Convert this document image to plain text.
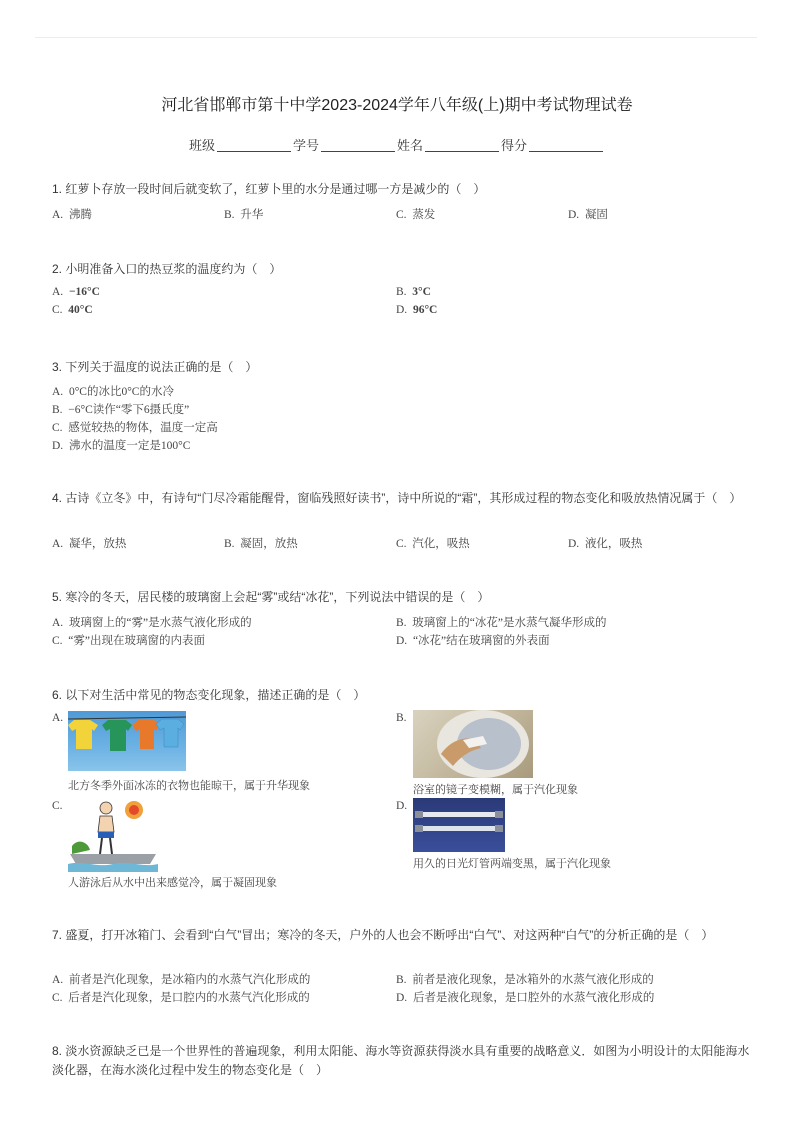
河北省邯郸市第十中学2023-2024学年八年级(上)期中考试物理试卷
班级	学号	姓名	得分
1. 红萝卜存放一段时间后就变软了，红萝卜里的水分是通过哪一方是减少的（　）
A. 沸腾	B. 升华	C. 蒸发	D. 凝固
2. 小明准备入口的热豆浆的温度约为（　）
A. −16°C	B. 3°C
C. 40°C	D. 96°C
3. 下列关于温度的说法正确的是（　）
A. 0°C的冰比0°C的水冷
B. −6°C读作“零下6摄氏度”
C. 感觉较热的物体，温度一定高
D. 沸水的温度一定是100°C
4. 古诗《立冬》中，有诗句“门尽冷霜能醒骨，窗临残照好读书”，诗中所说的“霜”，其形成过程的物态变化和吸放热情况属于（　）
A. 凝华，放热	B. 凝固，放热	C. 汽化，吸热	D. 液化，吸热
5. 寒冷的冬天，居民楼的玻璃窗上会起“雾”或结“冰花”，下列说法中错误的是（　）
A. 玻璃窗上的“雾”是水蒸气液化形成的	B. 玻璃窗上的“冰花”是水蒸气凝华形成的
C. “雾”出现在玻璃窗的内表面	D. “冰花”结在玻璃窗的外表面
6. 以下对生活中常见的物态变化现象，描述正确的是（　）
A.
北方冬季外面冰冻的衣物也能晾干，属于升华现象
B.
浴室的镜子变模糊，属于汽化现象
C.
人游泳后从水中出来感觉冷，属于凝固现象
D.
用久的日光灯管两端变黑，属于汽化现象
7. 盛夏，打开冰箱门、会看到“白气”冒出；寒冷的冬天，户外的人也会不断呼出“白气”、对这两种“白气”的分析正确的是（　）
A. 前者是汽化现象，是冰箱内的水蒸气汽化形成的	B. 前者是液化现象，是冰箱外的水蒸气液化形成的
C. 后者是汽化现象，是口腔内的水蒸气汽化形成的	D. 后者是液化现象，是口腔外的水蒸气液化形成的
8. 淡水资源缺乏已是一个世界性的普遍现象，利用太阳能、海水等资源获得淡水具有重要的战略意义．如图为小明设计的太阳能海水淡化器，在海水淡化过程中发生的物态变化是（　）
